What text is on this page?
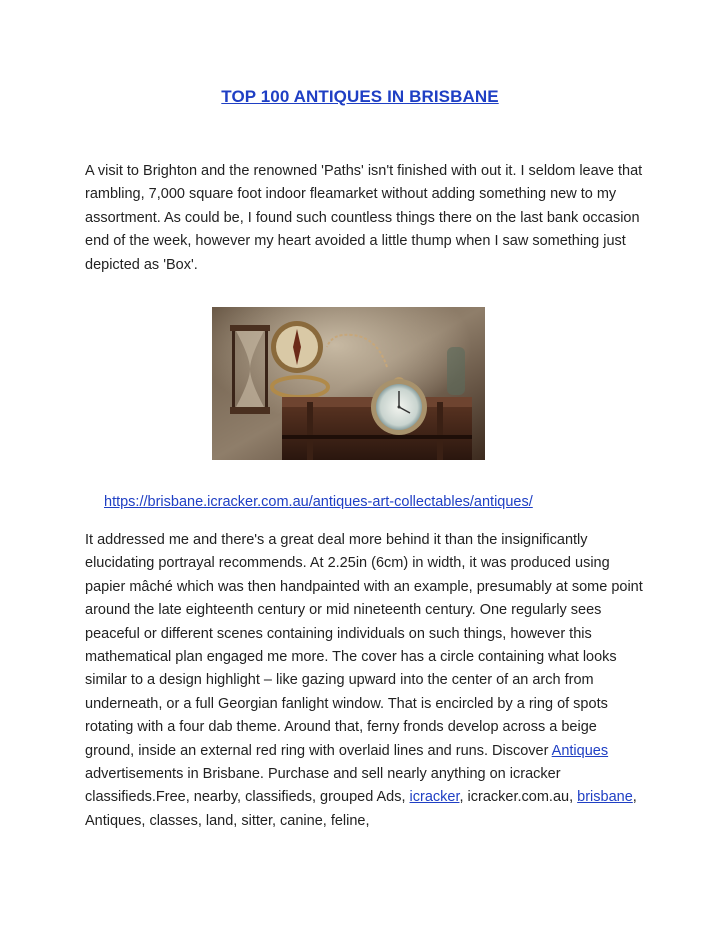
TOP 100 ANTIQUES IN BRISBANE

A visit to Brighton and the renowned 'Paths' isn't finished with out it. I seldom leave that rambling, 7,000 square foot indoor fleamarket without adding something new to my assortment. As could be, I found such countless things there on the last bank occasion end of the week, however my heart avoided a little thump when I saw something just depicted as 'Box'.

https://brisbane.icracker.com.au/antiques-art-collectables/antiques/

It addressed me and there's a great deal more behind it than the insignificantly elucidating portrayal recommends. At 2.25in (6cm) in width, it was produced using papier mâché which was then handpainted with an example, presumably at some point around the late eighteenth century or mid nineteenth century. One regularly sees peaceful or different scenes containing individuals on such things, however this mathematical plan engaged me more. The cover has a circle containing what looks similar to a design highlight – like gazing upward into the center of an arch from underneath, or a full Georgian fanlight window. That is encircled by a ring of spots rotating with a four dab theme. Around that, ferny fronds develop across a beige ground, inside an external red ring with overlaid lines and runs. Discover Antiques advertisements in Brisbane. Purchase and sell nearly anything on icracker classifieds.Free, nearby, classifieds, grouped Ads, icracker, icracker.com.au, brisbane, Antiques, classes, land, sitter, canine, feline,
